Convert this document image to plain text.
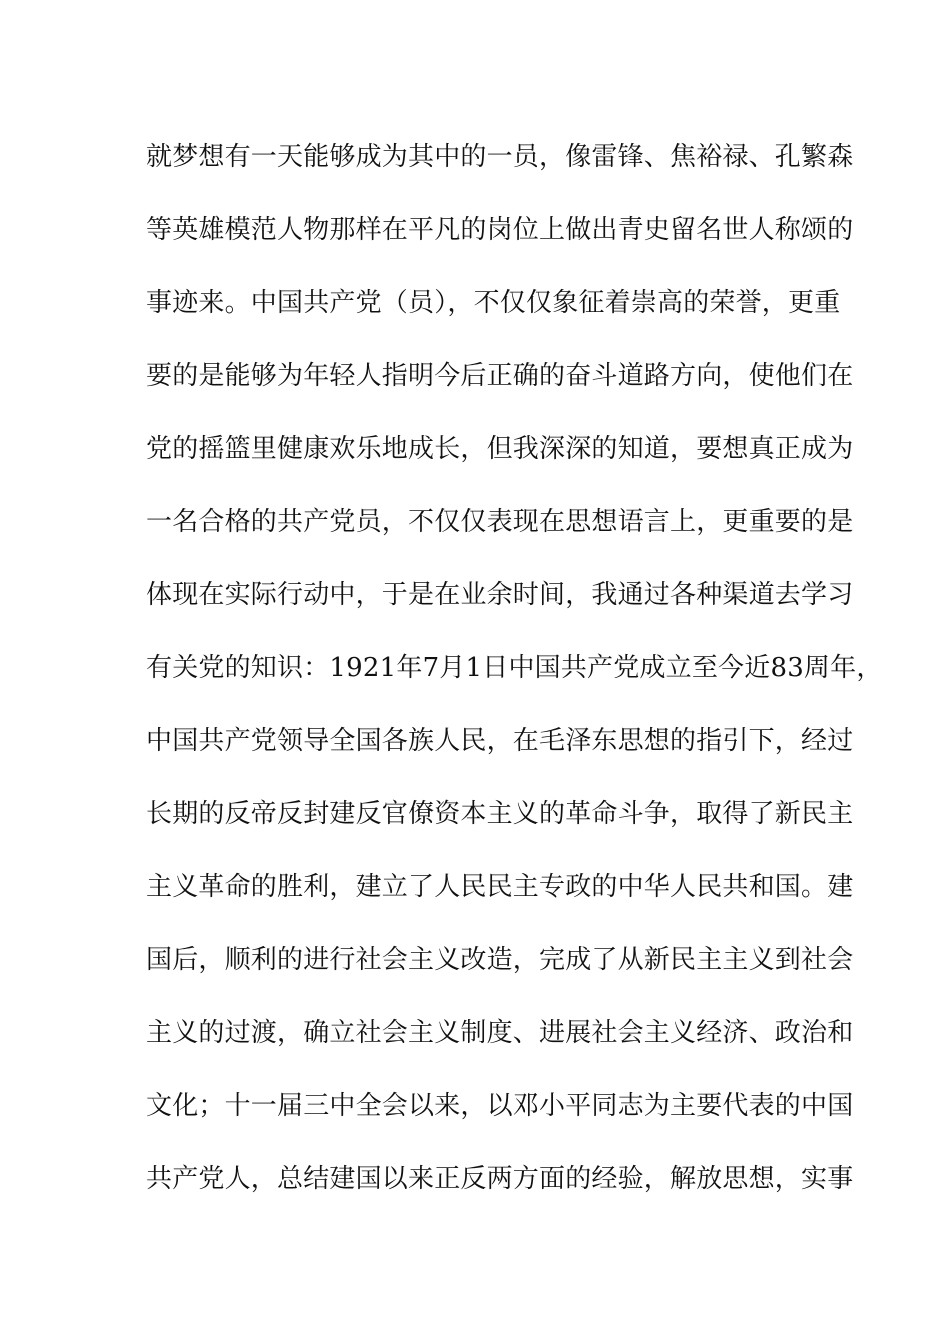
就梦想有一天能够成为其中的一员，像雷锋、焦裕禄、孔繁森
等英雄模范人物那样在平凡的岗位上做出青史留名世人称颂的
事迹来。中国共产党（员），不仅仅象征着崇高的荣誉，更重
要的是能够为年轻人指明今后正确的奋斗道路方向，使他们在
党的摇篮里健康欢乐地成长，但我深深的知道，要想真正成为
一名合格的共产党员，不仅仅表现在思想语言上，更重要的是
体现在实际行动中，于是在业余时间，我通过各种渠道去学习
有关党的知识：1921年7月1日中国共产党成立至今近83周年，
中国共产党领导全国各族人民，在毛泽东思想的指引下，经过
长期的反帝反封建反官僚资本主义的革命斗争，取得了新民主
主义革命的胜利，建立了人民民主专政的中华人民共和国。建
国后，顺利的进行社会主义改造，完成了从新民主主义到社会
主义的过渡，确立社会主义制度、进展社会主义经济、政治和
文化；十一届三中全会以来，以邓小平同志为主要代表的中国
共产党人，总结建国以来正反两方面的经验，解放思想，实事
